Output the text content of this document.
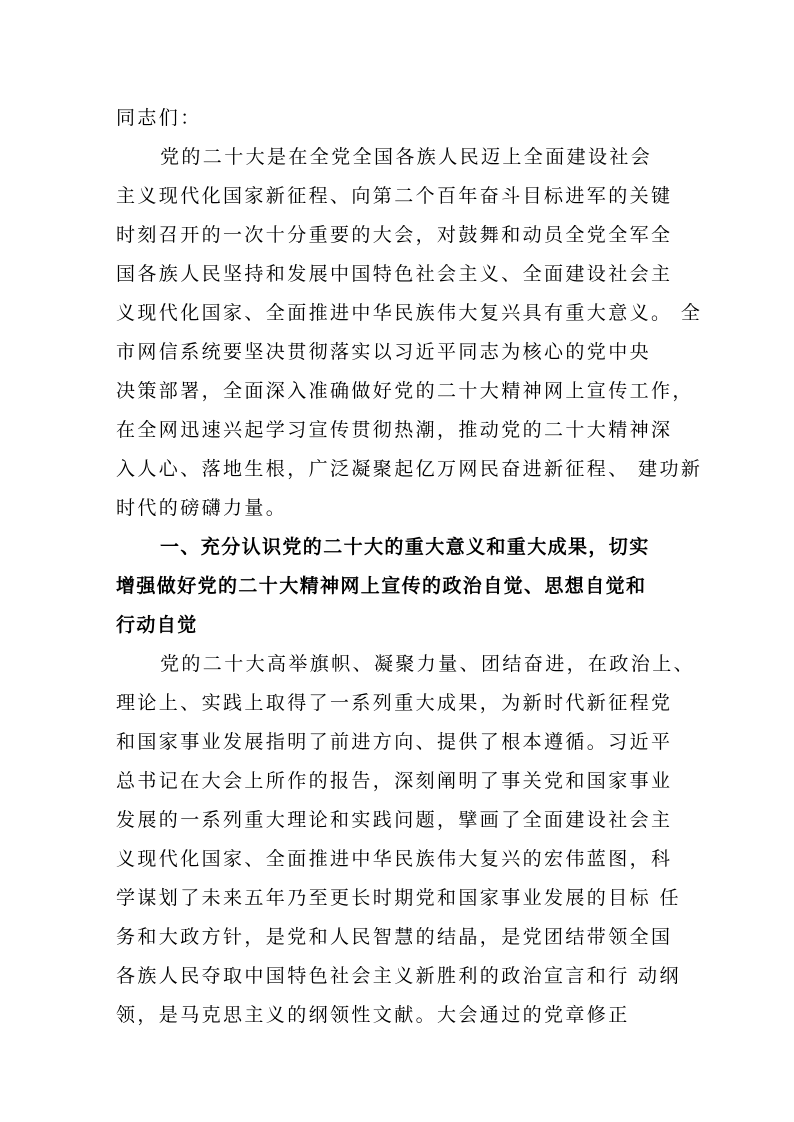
同志们：
党的二十大是在全党全国各族人民迈上全面建设社会
主义现代化国家新征程、向第二个百年奋斗目标进军的关键
时刻召开的一次十分重要的大会，对鼓舞和动员全党全军全
国各族人民坚持和发展中国特色社会主义、全面建设社会主
义现代化国家、全面推进中华民族伟大复兴具有重大意义。 全
市网信系统要坚决贯彻落实以习近平同志为核心的党中央
决策部署，全面深入准确做好党的二十大精神网上宣传工作，
在全网迅速兴起学习宣传贯彻热潮，推动党的二十大精神深
入人心、落地生根，广泛凝聚起亿万网民奋进新征程、 建功新
时代的磅礴力量。
一、充分认识党的二十大的重大意义和重大成果，切实
增强做好党的二十大精神网上宣传的政治自觉、思想自觉和
行动自觉
党的二十大高举旗帜、凝聚力量、团结奋进，在政治上、
理论上、实践上取得了一系列重大成果，为新时代新征程党
和国家事业发展指明了前进方向、提供了根本遵循。习近平
总书记在大会上所作的报告，深刻阐明了事关党和国家事业
发展的一系列重大理论和实践问题，擘画了全面建设社会主
义现代化国家、全面推进中华民族伟大复兴的宏伟蓝图，科
学谋划了未来五年乃至更长时期党和国家事业发展的目标 任
务和大政方针，是党和人民智慧的结晶，是党团结带领全国
各族人民夺取中国特色社会主义新胜利的政治宣言和行 动纲
领，是马克思主义的纲领性文献。大会通过的党章修正
